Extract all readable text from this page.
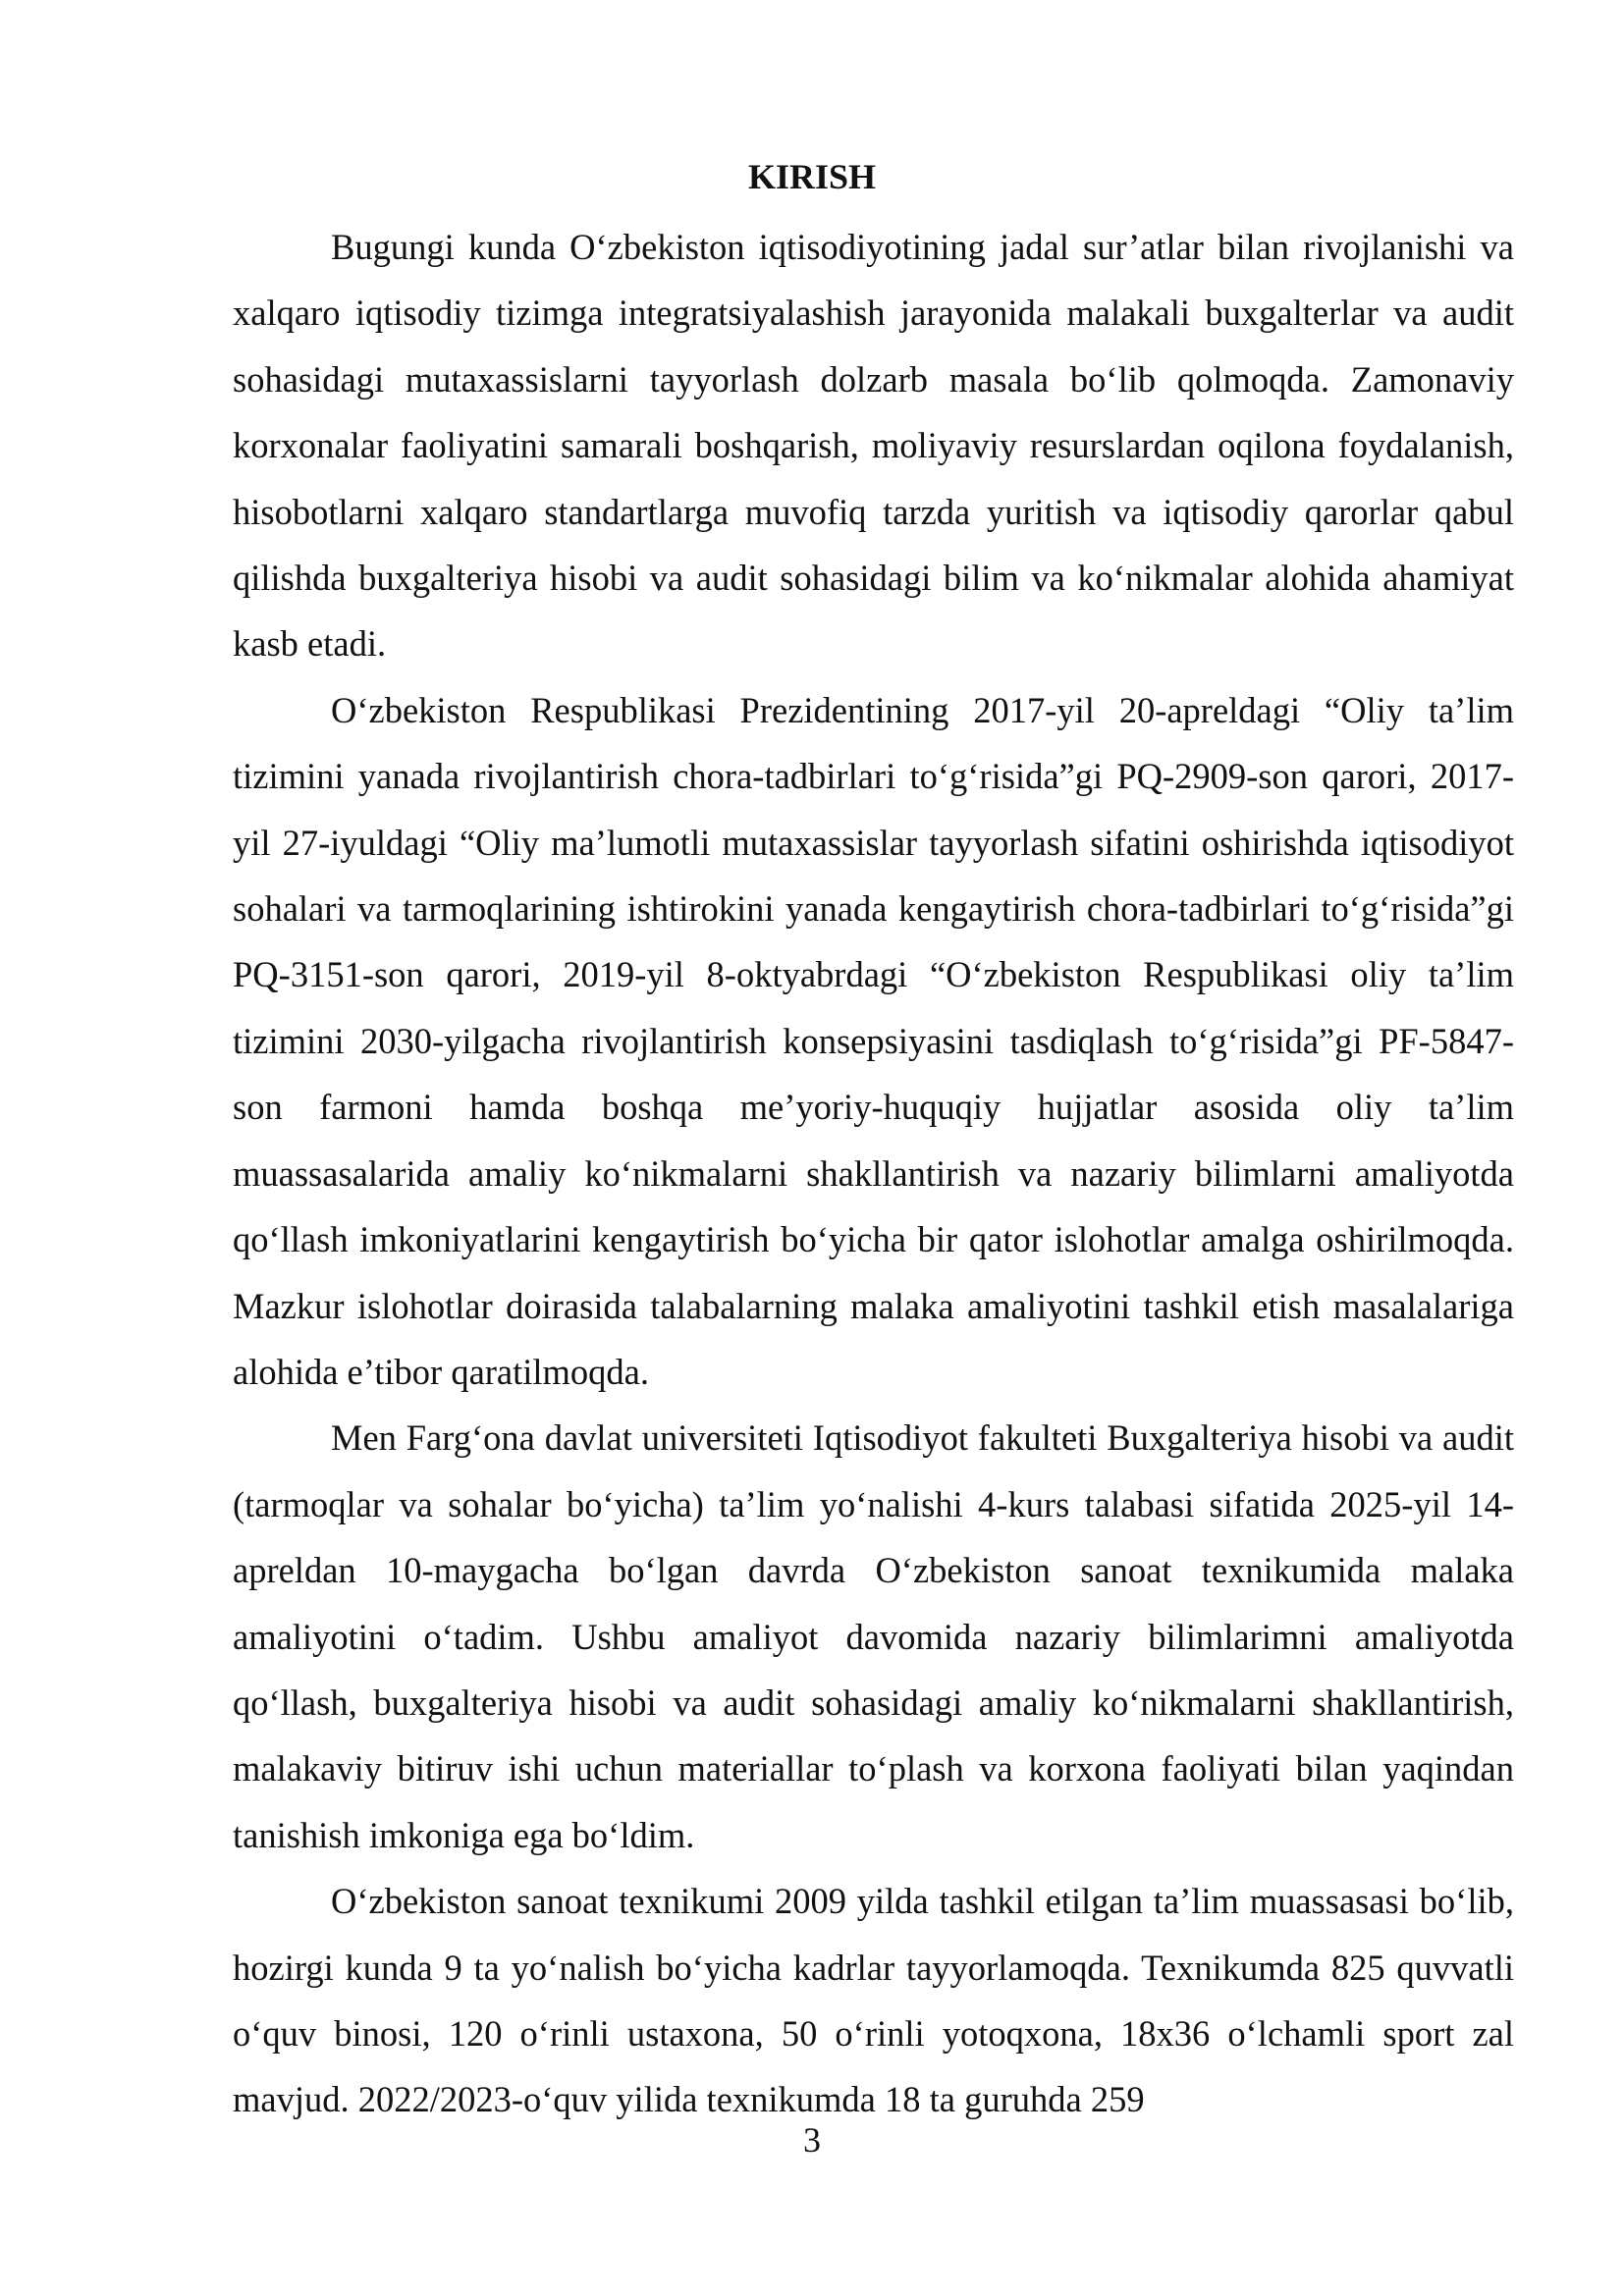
KIRISH

Bugungi kunda O‘zbekiston iqtisodiyotining jadal sur’atlar bilan rivojlanishi va xalqaro iqtisodiy tizimga integratsiyalashish jarayonida malakali buxgalterlar va audit sohasidagi mutaxassislarni tayyorlash dolzarb masala bo‘lib qolmoqda. Zamonaviy korxonalar faoliyatini samarali boshqarish, moliyaviy resurslardan oqilona foydalanish, hisobotlarni xalqaro standartlarga muvofiq tarzda yuritish va iqtisodiy qarorlar qabul qilishda buxgalteriya hisobi va audit sohasidagi bilim va ko‘nikmalar alohida ahamiyat kasb etadi.

O‘zbekiston Respublikasi Prezidentining 2017-yil 20-apreldagi “Oliy ta’lim tizimini yanada rivojlantirish chora-tadbirlari to‘g‘risida”gi PQ-2909-son qarori, 2017-yil 27-iyuldagi “Oliy ma’lumotli mutaxassislar tayyorlash sifatini oshirishda iqtisodiyot sohalari va tarmoqlarining ishtirokini yanada kengaytirish chora-tadbirlari to‘g‘risida”gi PQ-3151-son qarori, 2019-yil 8-oktyabrdagi “O‘zbekiston Respublikasi oliy ta’lim tizimini 2030-yilgacha rivojlantirish konsepsiyasini tasdiqlash to‘g‘risida”gi PF-5847-son farmoni hamda boshqa me’yoriy-huquqiy hujjatlar asosida oliy ta’lim muassasalarida amaliy ko‘nikmalarni shakllantirish va nazariy bilimlarni amaliyotda qo‘llash imkoniyatlarini kengaytirish bo‘yicha bir qator islohotlar amalga oshirilmoqda. Mazkur islohotlar doirasida talabalarning malaka amaliyotini tashkil etish masalalariga alohida e’tibor qaratilmoqda.

Men Farg‘ona davlat universiteti Iqtisodiyot fakulteti Buxgalteriya hisobi va audit (tarmoqlar va sohalar bo‘yicha) ta’lim yo‘nalishi 4-kurs talabasi sifatida 2025-yil 14-apreldan 10-maygacha bo‘lgan davrda O‘zbekiston sanoat texnikumida malaka amaliyotini o‘tadim. Ushbu amaliyot davomida nazariy bilimlarimni amaliyotda qo‘llash, buxgalteriya hisobi va audit sohasidagi amaliy ko‘nikmalarni shakllantirish, malakaviy bitiruv ishi uchun materiallar to‘plash va korxona faoliyati bilan yaqindan tanishish imkoniga ega bo‘ldim.

O‘zbekiston sanoat texnikumi 2009 yilda tashkil etilgan ta’lim muassasasi bo‘lib, hozirgi kunda 9 ta yo‘nalish bo‘yicha kadrlar tayyorlamoqda. Texnikumda 825 quvvatli o‘quv binosi, 120 o‘rinli ustaxona, 50 o‘rinli yotoqxona, 18x36 o‘lchamli sport zal mavjud. 2022/2023-o‘quv yilida texnikumda 18 ta guruhda 259

3
